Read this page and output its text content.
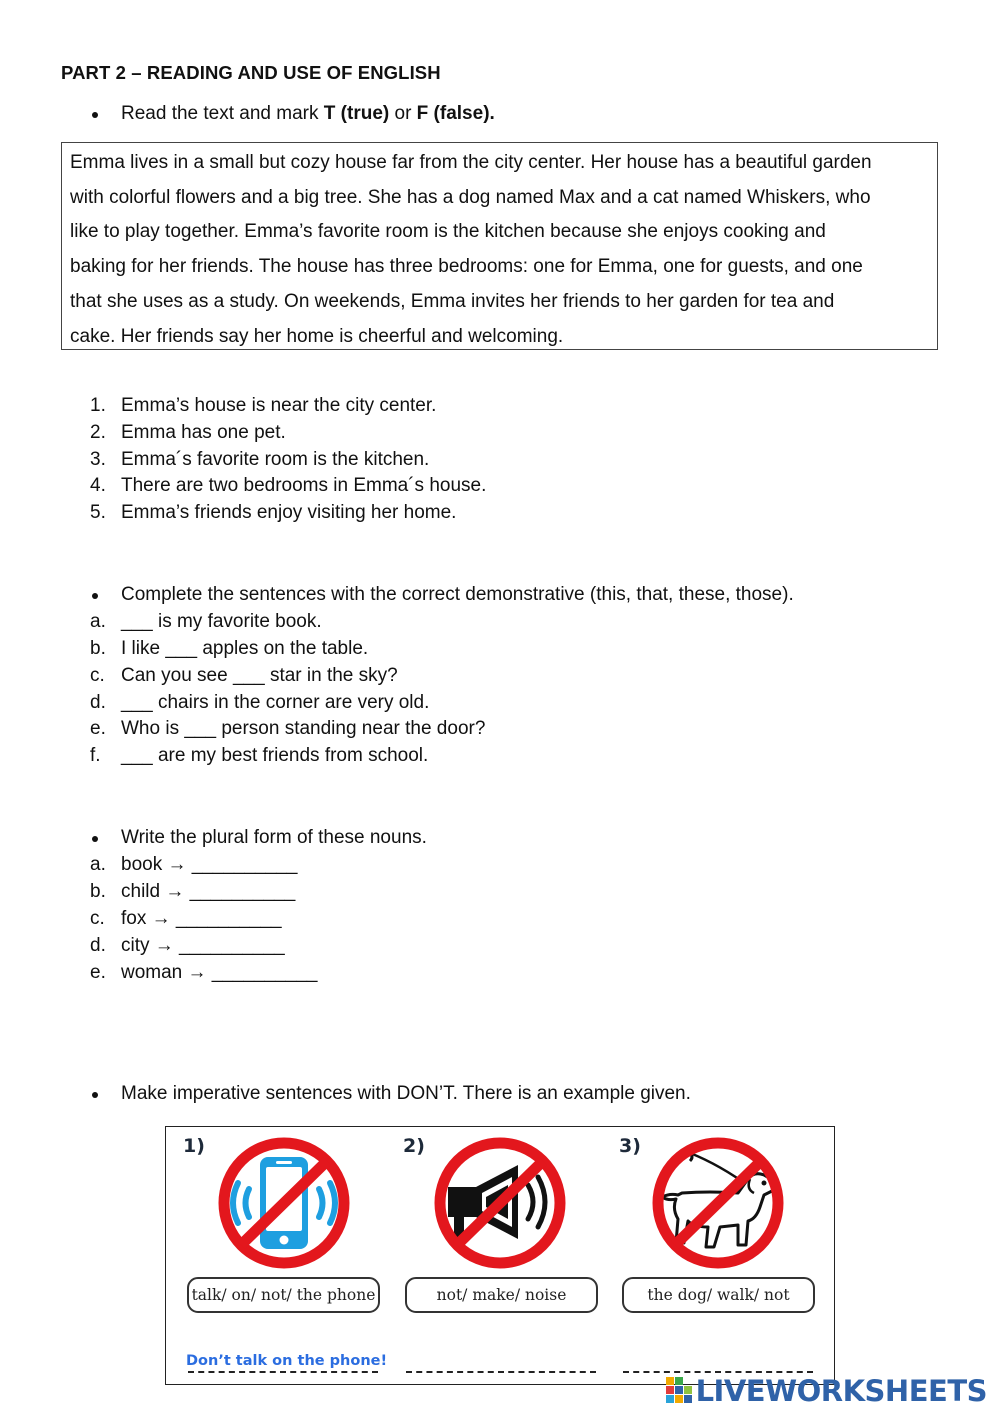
PART 2 – READING AND USE OF ENGLISH
Read the text and mark T (true) or F (false).
Emma lives in a small but cozy house far from the city center. Her house has a beautiful garden
with colorful flowers and a big tree. She has a dog named Max and a cat named Whiskers, who
like to play together. Emma’s favorite room is the kitchen because she enjoys cooking and
baking for her friends. The house has three bedrooms: one for Emma, one for guests, and one
that she uses as a study. On weekends, Emma invites her friends to her garden for tea and
cake. Her friends say her home is cheerful and welcoming.
1. Emma’s house is near the city center.
2. Emma has one pet.
3. Emma´s favorite room is the kitchen.
4. There are two bedrooms in Emma´s house.
5. Emma’s friends enjoy visiting her home.
Complete the sentences with the correct demonstrative (this, that, these, those).
a. ___ is my favorite book.
b. I like ___ apples on the table.
c. Can you see ___ star in the sky?
d. ___ chairs in the corner are very old.
e. Who is ___ person standing near the door?
f. ___ are my best friends from school.
Write the plural form of these nouns.
a. book → __________
b. child → __________
c. fox → __________
d. city → __________
e. woman → __________
Make imperative sentences with DON’T. There is an example given.
1)	2)	3)
talk/ on/ not/ the phone	not/ make/ noise	the dog/ walk/ not
Don’t talk on the phone!
LIVEWORKSHEETS
